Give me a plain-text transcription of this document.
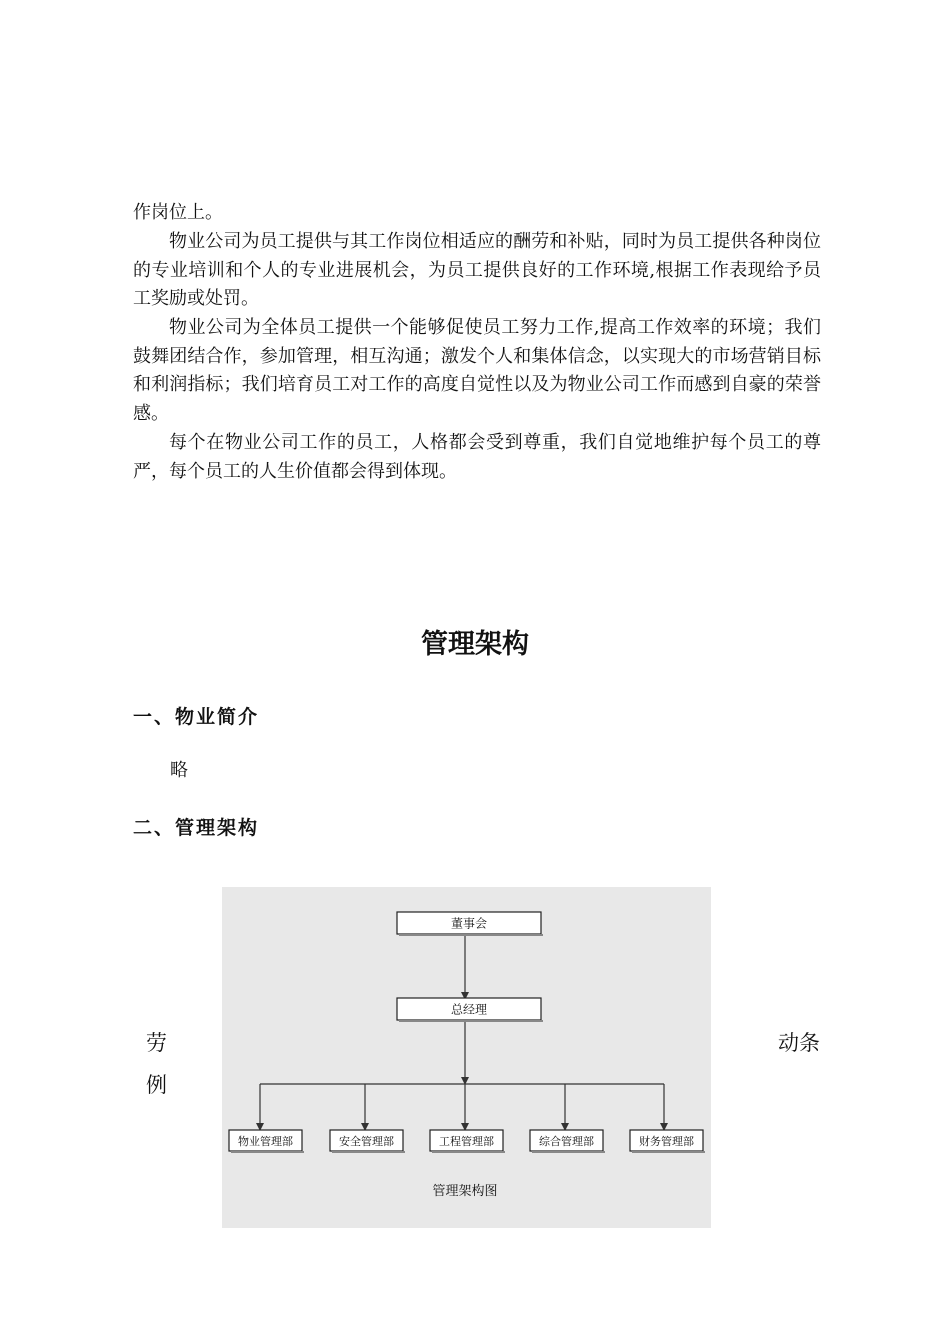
作岗位上。

物业公司为员工提供与其工作岗位相适应的酬劳和补贴，同时为员工提供各种岗位的专业培训和个人的专业进展机会，为员工提供良好的工作环境,根据工作表现给予员工奖励或处罚。

物业公司为全体员工提供一个能够促使员工努力工作,提高工作效率的环境；我们鼓舞团结合作，参加管理，相互沟通；激发个人和集体信念，以实现大的市场营销目标和利润指标；我们培育员工对工作的高度自觉性以及为物业公司工作而感到自豪的荣誉感。

每个在物业公司工作的员工，人格都会受到尊重，我们自觉地维护每个员工的尊严，每个员工的人生价值都会得到体现。

管理架构
一、物业简介

略

二、管理架构
劳
例
动条
董事会
总经理
物业管理部	安全管理部	工程管理部	综合管理部	财务管理部
管理架构图
